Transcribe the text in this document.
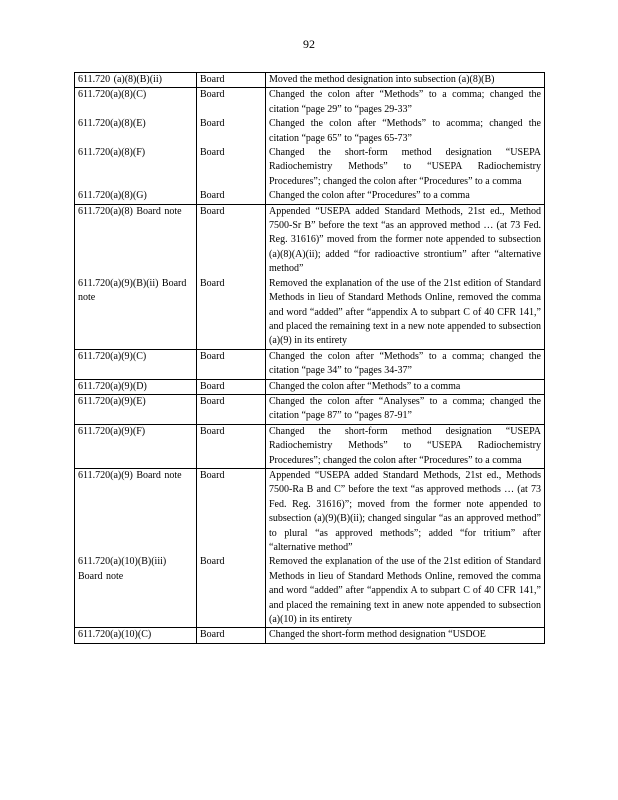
92
611.720 (a)(8)(B)(ii)	Board	Moved the method designation into subsection (a)(8)(B)
611.720(a)(8)(C)	Board	Changed the colon after “Methods” to a comma; changed the citation “page 29” to “pages 29-33”
611.720(a)(8)(E)	Board	Changed the colon after “Methods” to acomma; changed the citation “page 65” to “pages 65-73”
611.720(a)(8)(F)	Board	Changed the short-form method designation “USEPA Radiochemistry Methods” to “USEPA Radiochemistry Procedures”; changed the colon after “Procedures” to a comma
611.720(a)(8)(G)	Board	Changed the colon after “Procedures” to a comma
611.720(a)(8) Board note	Board	Appended “USEPA added Standard Methods, 21st ed., Method 7500-Sr B” before the text “as an approved method … (at 73 Fed. Reg. 31616)” moved from the former note appended to subsection (a)(8)(A)(ii); added “for radioactive strontium” after “alternative method”
611.720(a)(9)(B)(ii) Board note	Board	Removed the explanation of the use of the 21st edition of Standard Methods in lieu of Standard Methods Online, removed the comma and word “added” after “appendix A to subpart C of 40 CFR 141,” and placed the remaining text in a new note appended to subsection (a)(9) in its entirety
611.720(a)(9)(C)	Board	Changed the colon after “Methods” to a comma; changed the citation “page 34” to “pages 34-37”
611.720(a)(9)(D)	Board	Changed the colon after “Methods” to a comma
611.720(a)(9)(E)	Board	Changed the colon after “Analyses” to a comma; changed the citation “page 87” to “pages 87-91”
611.720(a)(9)(F)	Board	Changed the short-form method designation “USEPA Radiochemistry Methods” to “USEPA Radiochemistry Procedures”; changed the colon after “Procedures” to a comma
611.720(a)(9) Board note	Board	Appended “USEPA added Standard Methods, 21st ed., Methods 7500-Ra B and C” before the text “as approved methods … (at 73 Fed. Reg. 31616)”; moved from the former note appended to subsection (a)(9)(B)(ii); changed singular “as an approved method” to plural “as approved methods”; added “for tritium” after “alternative method”
611.720(a)(10)(B)(iii) Board note	Board	Removed the explanation of the use of the 21st edition of Standard Methods in lieu of Standard Methods Online, removed the comma and word “added” after “appendix A to subpart C of 40 CFR 141,” and placed the remaining text in anew note appended to subsection (a)(10) in its entirety
611.720(a)(10)(C)	Board	Changed the short-form method designation “USDOE
